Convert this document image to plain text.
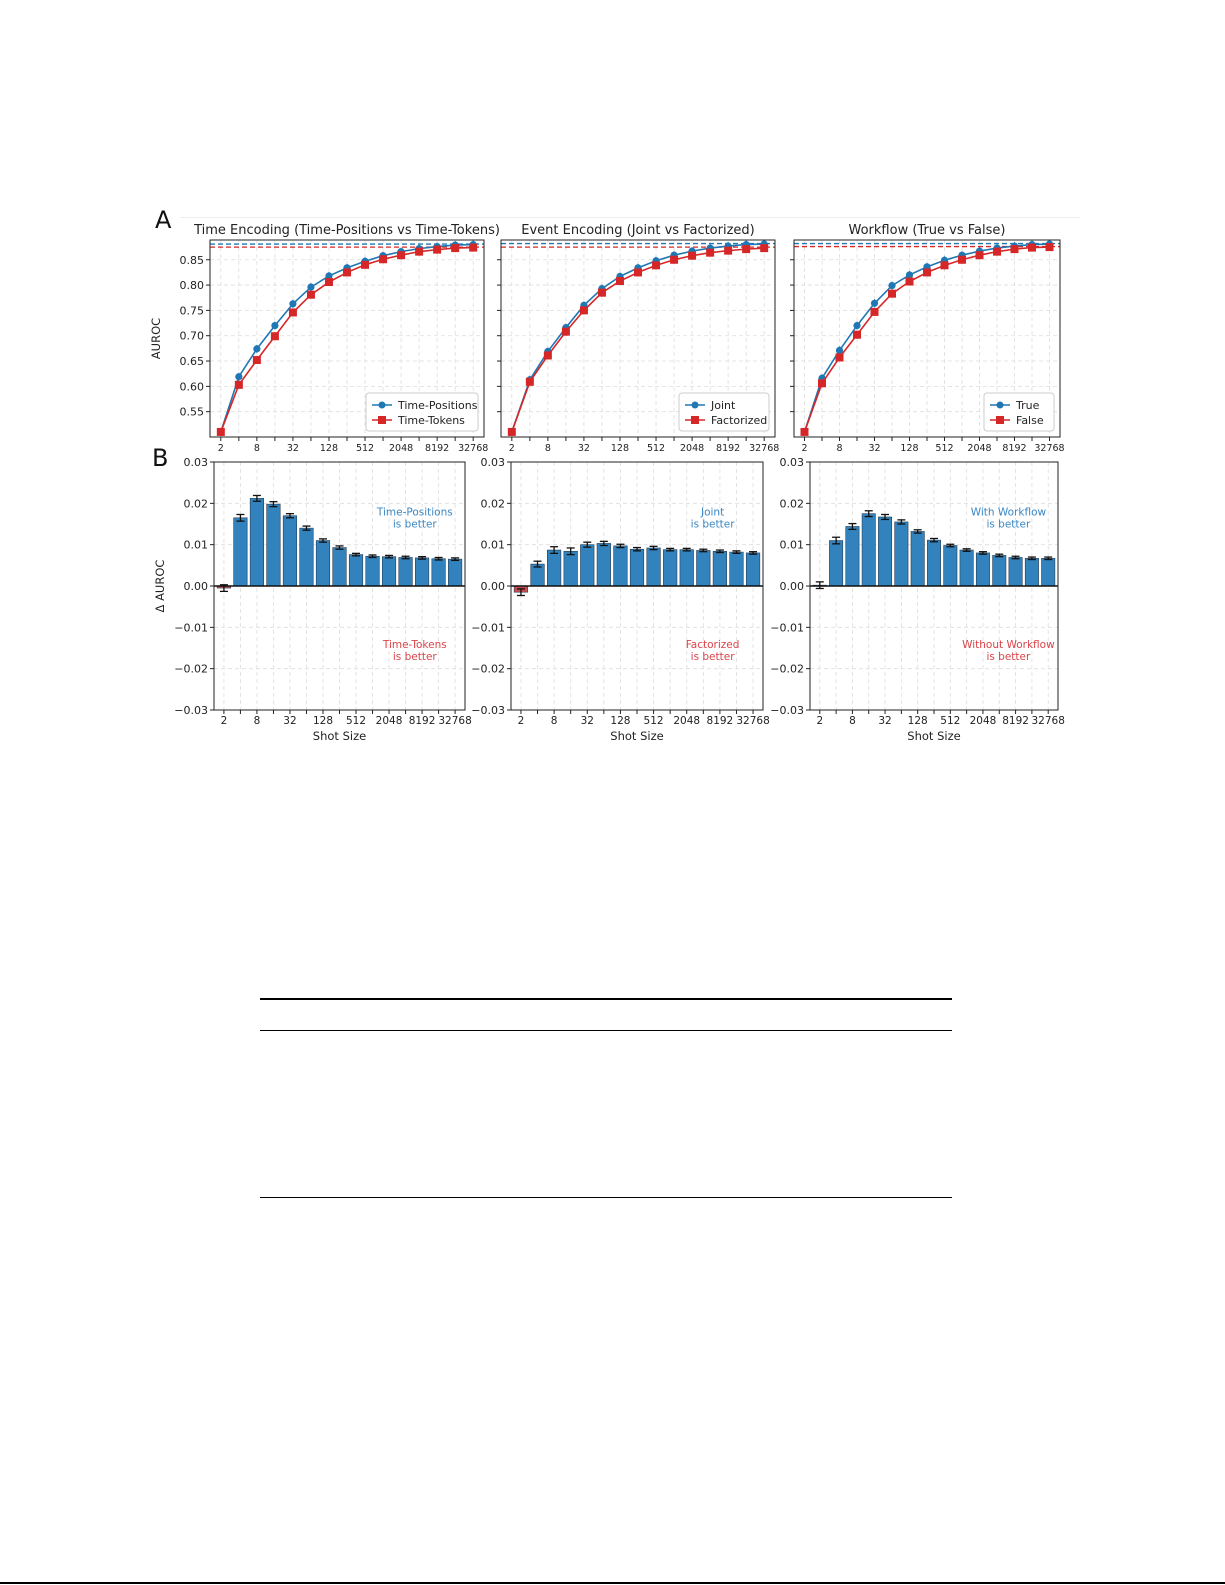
A
B
0.55
0.60
0.65
0.70
0.75
0.80
0.85
Time Encoding (Time-Positions vs Time-Tokens)
Time-Positions
Time-Tokens
2	8	32 128 512 2048 8192 32768
AUROC
Event Encoding (Joint vs Factorized)
Joint
Factorized
2	8	32 128 512 2048 8192 32768
Workflow (True vs False)
True
False
2	8	32 128 512 2048 8192 32768
0.03
0.02
0.01
0.00
−0.01
−0.02
−0.03
Time-Positions
is better
Time-Tokens
is better
Shot Size
2	8 32 128 512 2048 8192 32768
Δ AUROC
0.03
0.02
0.01
0.00
−0.01
−0.02
−0.03
Joint
is better
Factorized
is better
Shot Size
2	8 32 128 512 2048 8192 32768
0.03
0.02
0.01
0.00
−0.01
−0.02
−0.03
With Workflow
is better
Without Workflow
is better
Shot Size
2 8 32 128 512 2048 8192 32768
